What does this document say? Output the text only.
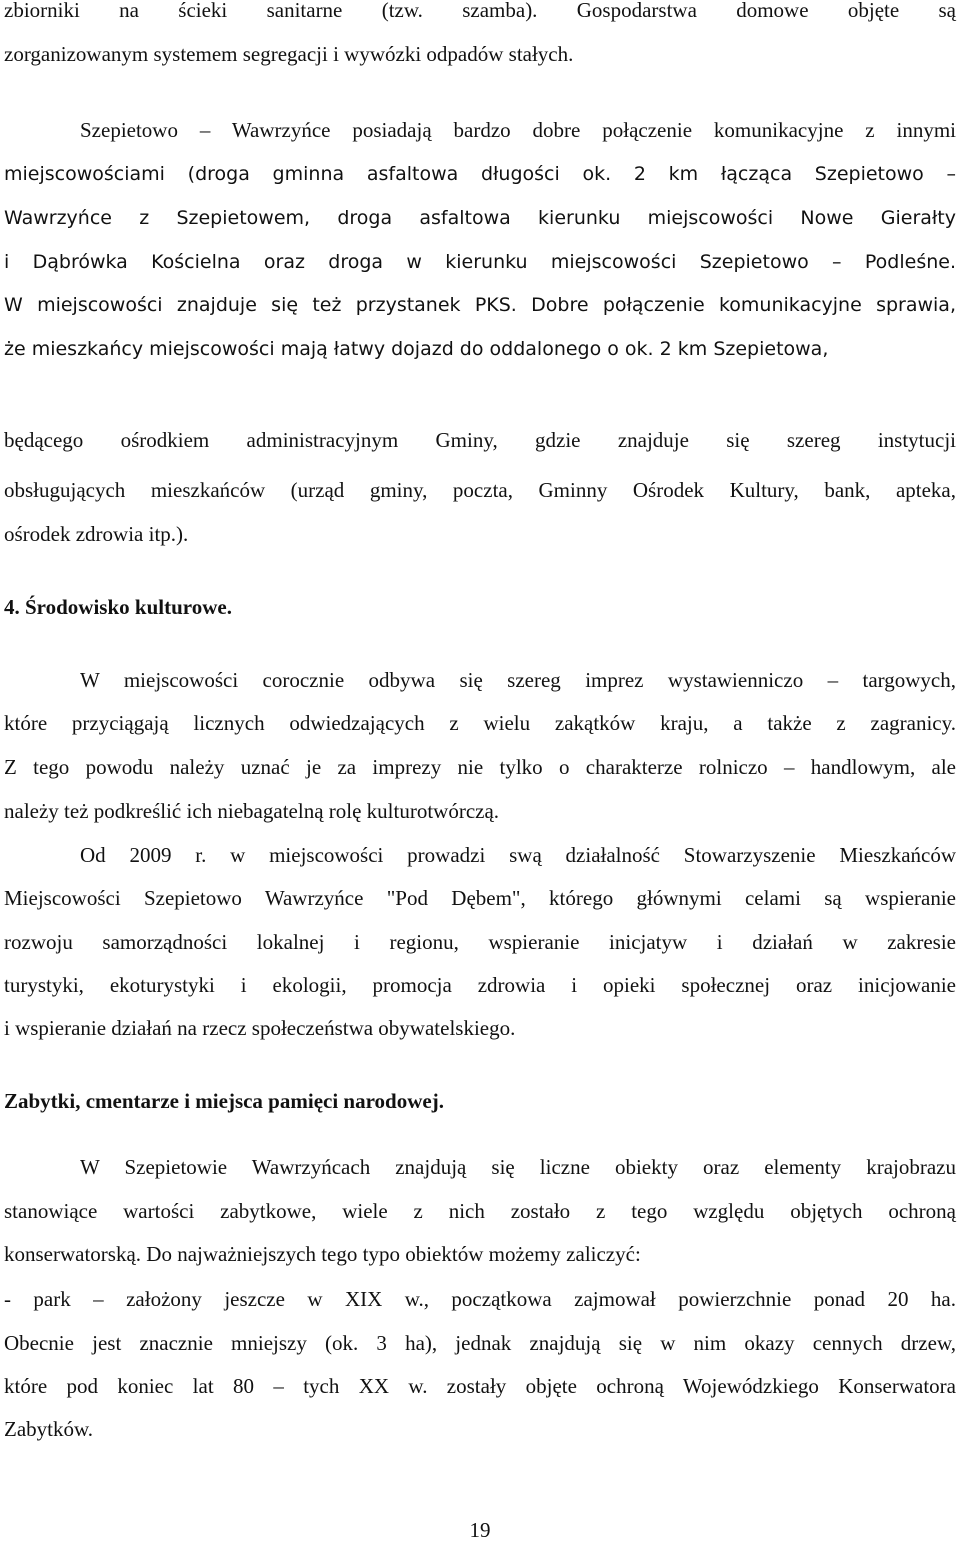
zbiorniki na ścieki sanitarne (tzw. szamba). Gospodarstwa domowe objęte są
zorganizowanym systemem segregacji i wywózki odpadów stałych.
Szepietowo – Wawrzyńce posiadają bardzo dobre połączenie komunikacyjne z innymi
miejscowościami (droga gminna asfaltowa długości ok. 2 km łącząca Szepietowo –
Wawrzyńce z Szepietowem, droga asfaltowa kierunku miejscowości Nowe Gierałty
i Dąbrówka Kościelna oraz droga w kierunku miejscowości Szepietowo – Podleśne.
W miejscowości znajduje się też przystanek PKS. Dobre połączenie komunikacyjne sprawia,
że mieszkańcy miejscowości mają łatwy dojazd do oddalonego o ok. 2 km Szepietowa,
będącego ośrodkiem administracyjnym Gminy, gdzie znajduje się szereg instytucji
obsługujących mieszkańców (urząd gminy, poczta, Gminny Ośrodek Kultury, bank, apteka,
ośrodek zdrowia itp.).
4. Środowisko kulturowe.
W miejscowości corocznie odbywa się szereg imprez wystawienniczo – targowych,
które przyciągają licznych odwiedzających z wielu zakątków kraju, a także z zagranicy.
Z tego powodu należy uznać je za imprezy nie tylko o charakterze rolniczo – handlowym, ale
należy też podkreślić ich niebagatelną rolę kulturotwórczą.
Od 2009 r. w miejscowości prowadzi swą działalność Stowarzyszenie Mieszkańców
Miejscowości Szepietowo Wawrzyńce "Pod Dębem", którego głównymi celami są wspieranie
rozwoju samorządności lokalnej i regionu, wspieranie inicjatyw i działań w zakresie
turystyki, ekoturystyki i ekologii, promocja zdrowia i opieki społecznej oraz inicjowanie
i wspieranie działań na rzecz społeczeństwa obywatelskiego.
Zabytki, cmentarze i miejsca pamięci narodowej.
W Szepietowie Wawrzyńcach znajdują się liczne obiekty oraz elementy krajobrazu
stanowiące wartości zabytkowe, wiele z nich zostało z tego względu objętych ochroną
konserwatorską. Do najważniejszych tego typo obiektów możemy zaliczyć:
- park – założony jeszcze w XIX w., początkowa zajmował powierzchnie ponad 20 ha.
Obecnie jest znacznie mniejszy (ok. 3 ha), jednak znajdują się w nim okazy cennych drzew,
które pod koniec lat 80 – tych XX w. zostały objęte ochroną Wojewódzkiego Konserwatora
Zabytków.
19
